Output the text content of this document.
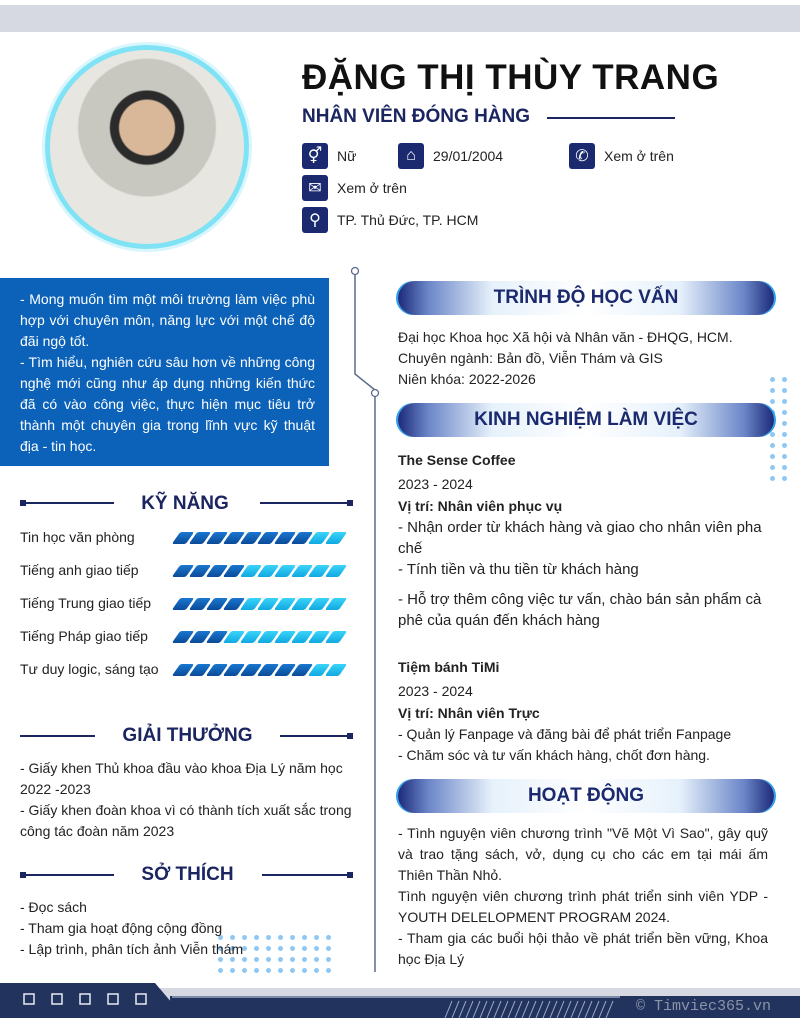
ĐẶNG THỊ THÙY TRANG
NHÂN VIÊN ĐÓNG HÀNG
⚥	Nữ	⌂	29/01/2004	✆	Xem ở trên
✉	Xem ở trên
⚲	TP. Thủ Đức, TP. HCM

- Mong muốn tìm một môi trường làm việc phù hợp với chuyên môn, năng lực với một chế độ đãi ngộ tốt.

- Tìm hiểu, nghiên cứu sâu hơn về những công nghệ mới cũng như áp dụng những kiến thức đã có vào công việc, thực hiện mục tiêu trở thành một chuyên gia trong lĩnh vực kỹ thuật địa - tin học.

KỸ NĂNG
Tin học văn phòng
Tiếng anh giao tiếp
Tiếng Trung giao tiếp
Tiếng Pháp giao tiếp
Tư duy logic, sáng tạo
GIẢI THƯỞNG

- Giấy khen Thủ khoa đầu vào khoa Địa Lý năm học 2022 -2023

- Giấy khen đoàn khoa vì có thành tích xuất sắc trong công tác đoàn năm 2023

SỞ THÍCH

- Đọc sách

- Tham gia hoạt động cộng đồng

- Lập trình, phân tích ảnh Viễn thám

TRÌNH ĐỘ HỌC VẤN

Đại học Khoa học Xã hội và Nhân văn - ĐHQG, HCM.

Chuyên ngành: Bản đồ, Viễn Thám và GIS

Niên khóa: 2022-2026

KINH NGHIỆM LÀM VIỆC

The Sense Coffee

2023 - 2024

Vị trí: Nhân viên phục vụ

- Nhận order từ khách hàng và giao cho nhân viên pha chế

- Tính tiền và thu tiền từ khách hàng

- Hỗ trợ thêm công việc tư vấn, chào bán sản phẩm cà phê của quán đến khách hàng

Tiệm bánh TiMi

2023 - 2024

Vị trí: Nhân viên Trực

- Quản lý Fanpage và đăng bài để phát triển Fanpage

- Chăm sóc và tư vấn khách hàng, chốt đơn hàng.

HOẠT ĐỘNG

- Tình nguyện viên chương trình "Vẽ Một Vì Sao", gây quỹ và trao tặng sách, vở, dụng cụ cho các em tại mái ấm Thiên Thần Nhỏ.

Tình nguyện viên chương trình phát triển sinh viên YDP - YOUTH DELELOPMENT PROGRAM 2024.

- Tham gia các buổi hội thảo về phát triển bền vững, Khoa học Địa Lý

© Timviec365.vn
